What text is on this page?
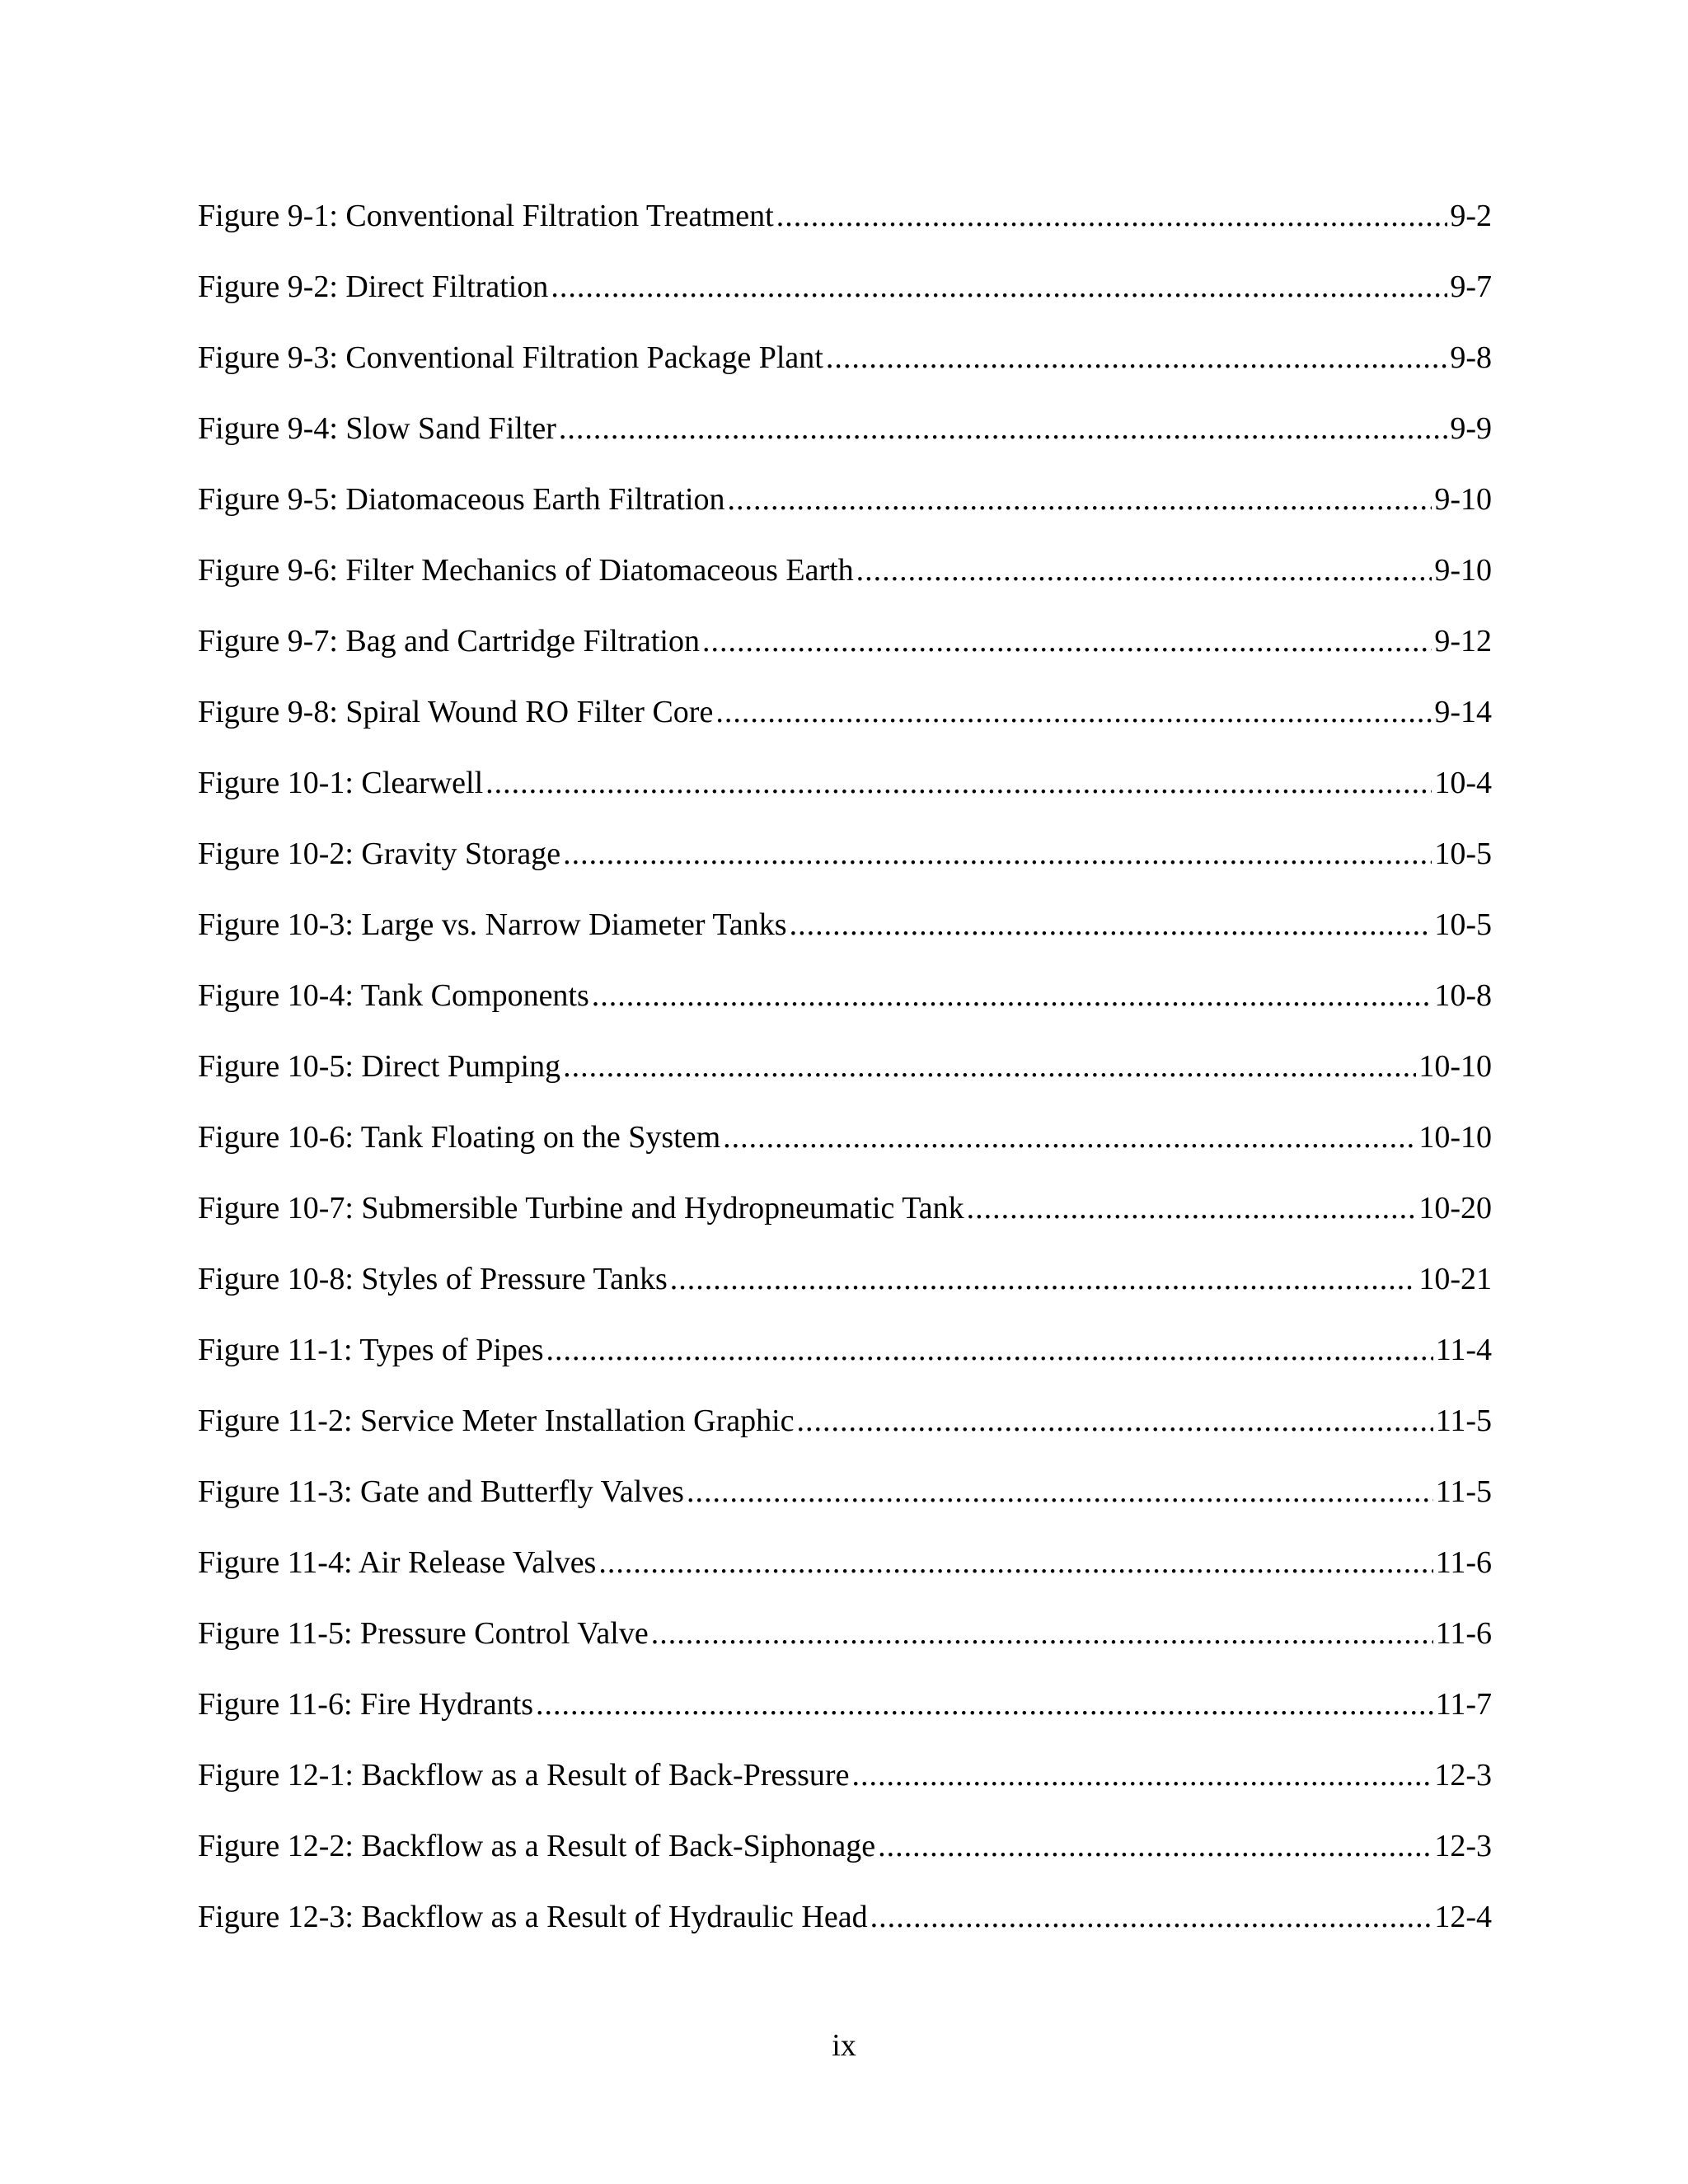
Figure 9-1: Conventional Filtration Treatment .....	9-2
Figure 9-2: Direct Filtration .....	9-7
Figure 9-3: Conventional Filtration Package Plant .....	9-8
Figure 9-4: Slow Sand Filter .....	9-9
Figure 9-5: Diatomaceous Earth Filtration .....	9-10
Figure 9-6: Filter Mechanics of Diatomaceous Earth .....	9-10
Figure 9-7: Bag and Cartridge Filtration .....	9-12
Figure 9-8: Spiral Wound RO Filter Core .....	9-14
Figure 10-1: Clearwell .....	10-4
Figure 10-2: Gravity Storage .....	10-5
Figure 10-3: Large vs. Narrow Diameter Tanks .....	10-5
Figure 10-4: Tank Components .....	10-8
Figure 10-5: Direct Pumping .....	10-10
Figure 10-6: Tank Floating on the System .....	10-10
Figure 10-7: Submersible Turbine and Hydropneumatic Tank .....	10-20
Figure 10-8: Styles of Pressure Tanks .....	10-21
Figure 11-1: Types of Pipes .....	11-4
Figure 11-2: Service Meter Installation Graphic .....	11-5
Figure 11-3: Gate and Butterfly Valves .....	11-5
Figure 11-4: Air Release Valves .....	11-6
Figure 11-5: Pressure Control Valve .....	11-6
Figure 11-6: Fire Hydrants .....	11-7
Figure 12-1: Backflow as a Result of Back-Pressure .....	12-3
Figure 12-2: Backflow as a Result of Back-Siphonage .....	12-3
Figure 12-3: Backflow as a Result of Hydraulic Head .....	12-4
ix
